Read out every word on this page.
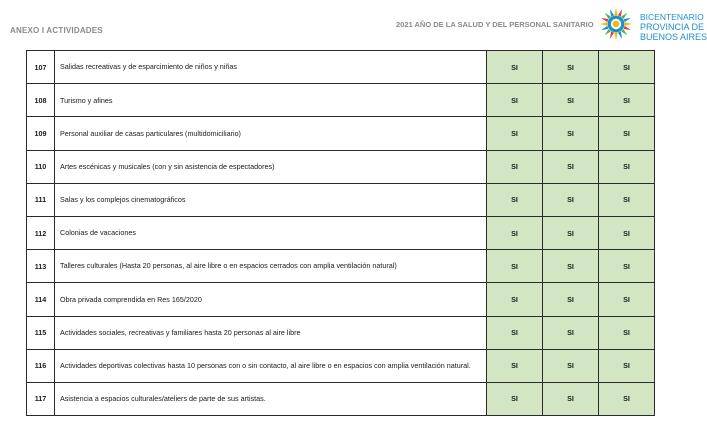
ANEXO I ACTIVIDADES
2021 AÑO DE LA SALUD Y DEL PERSONAL SANITARIO
BICENTENARIO
PROVINCIA DE
BUENOS AIRES
107	Salidas recreativas y de esparcimiento de niños y niñas	SI	SI	SI
108	Turismo y afines	SI	SI	SI
109	Personal auxiliar de casas particulares (multidomiciliario)	SI	SI	SI
110	Artes escénicas y musicales (con y sin asistencia de espectadores)	SI	SI	SI
111	Salas y los complejos cinematográficos	SI	SI	SI
112	Colonias de vacaciones	SI	SI	SI
113	Talleres culturales (Hasta 20 personas, al aire libre o en espacios cerrados con amplia ventilación natural)	SI	SI	SI
114	Obra privada comprendida en Res 165/2020	SI	SI	SI
115	Actividades sociales, recreativas y familiares hasta 20 personas al aire libre	SI	SI	SI
116	Actividades deportivas colectivas hasta 10 personas con o sin contacto, al aire libre o en espacios con amplia ventilación natural.	SI	SI	SI
117	Asistencia a espacios culturales/ateliers de parte de sus artistas.	SI	SI	SI
